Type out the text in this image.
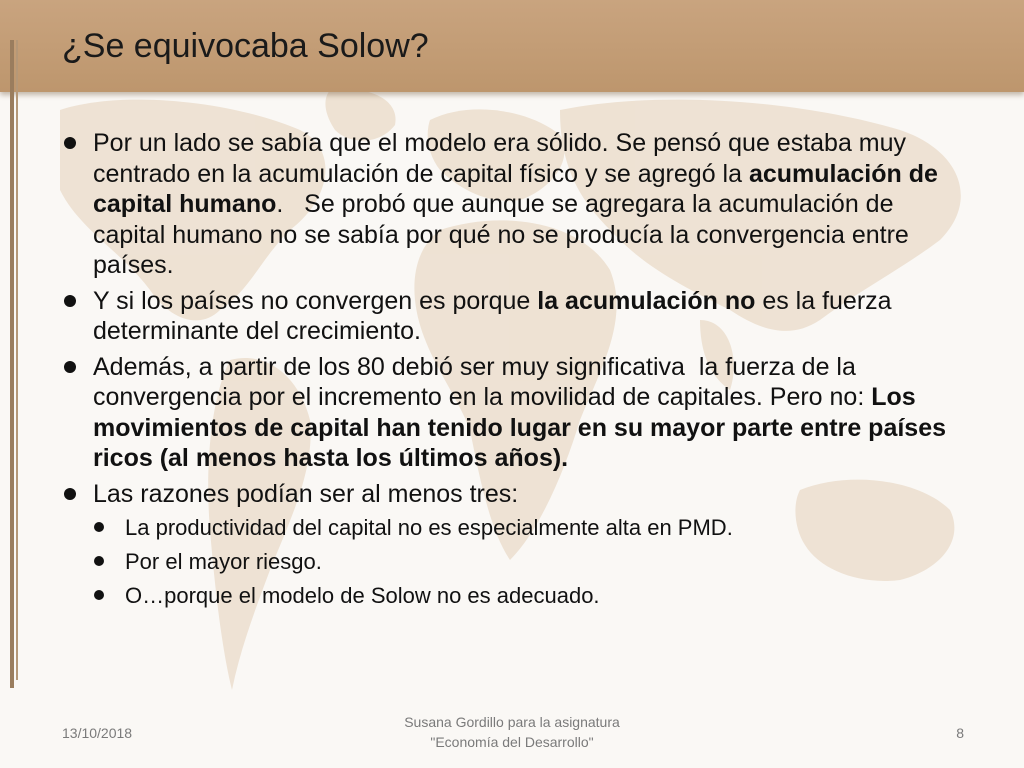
¿Se equivocaba Solow?
Por un lado se sabía que el modelo era sólido. Se pensó que estaba muy centrado en la acumulación de capital físico y se agregó la acumulación de capital humano.   Se probó que aunque se agregara la acumulación de capital humano no se sabía por qué no se producía la convergencia entre países.
Y si los países no convergen es porque la acumulación no es la fuerza determinante del crecimiento.
Además, a partir de los 80 debió ser muy significativa  la fuerza de la convergencia por el incremento en la movilidad de capitales. Pero no: Los movimientos de capital han tenido lugar en su mayor parte entre países ricos (al menos hasta los últimos años).
Las razones podían ser al menos tres:
La productividad del capital no es especialmente alta en PMD.
Por el mayor riesgo.
O…porque el modelo de Solow no es adecuado.
13/10/2018
Susana Gordillo para la asignatura
"Economía del Desarrollo"
8
